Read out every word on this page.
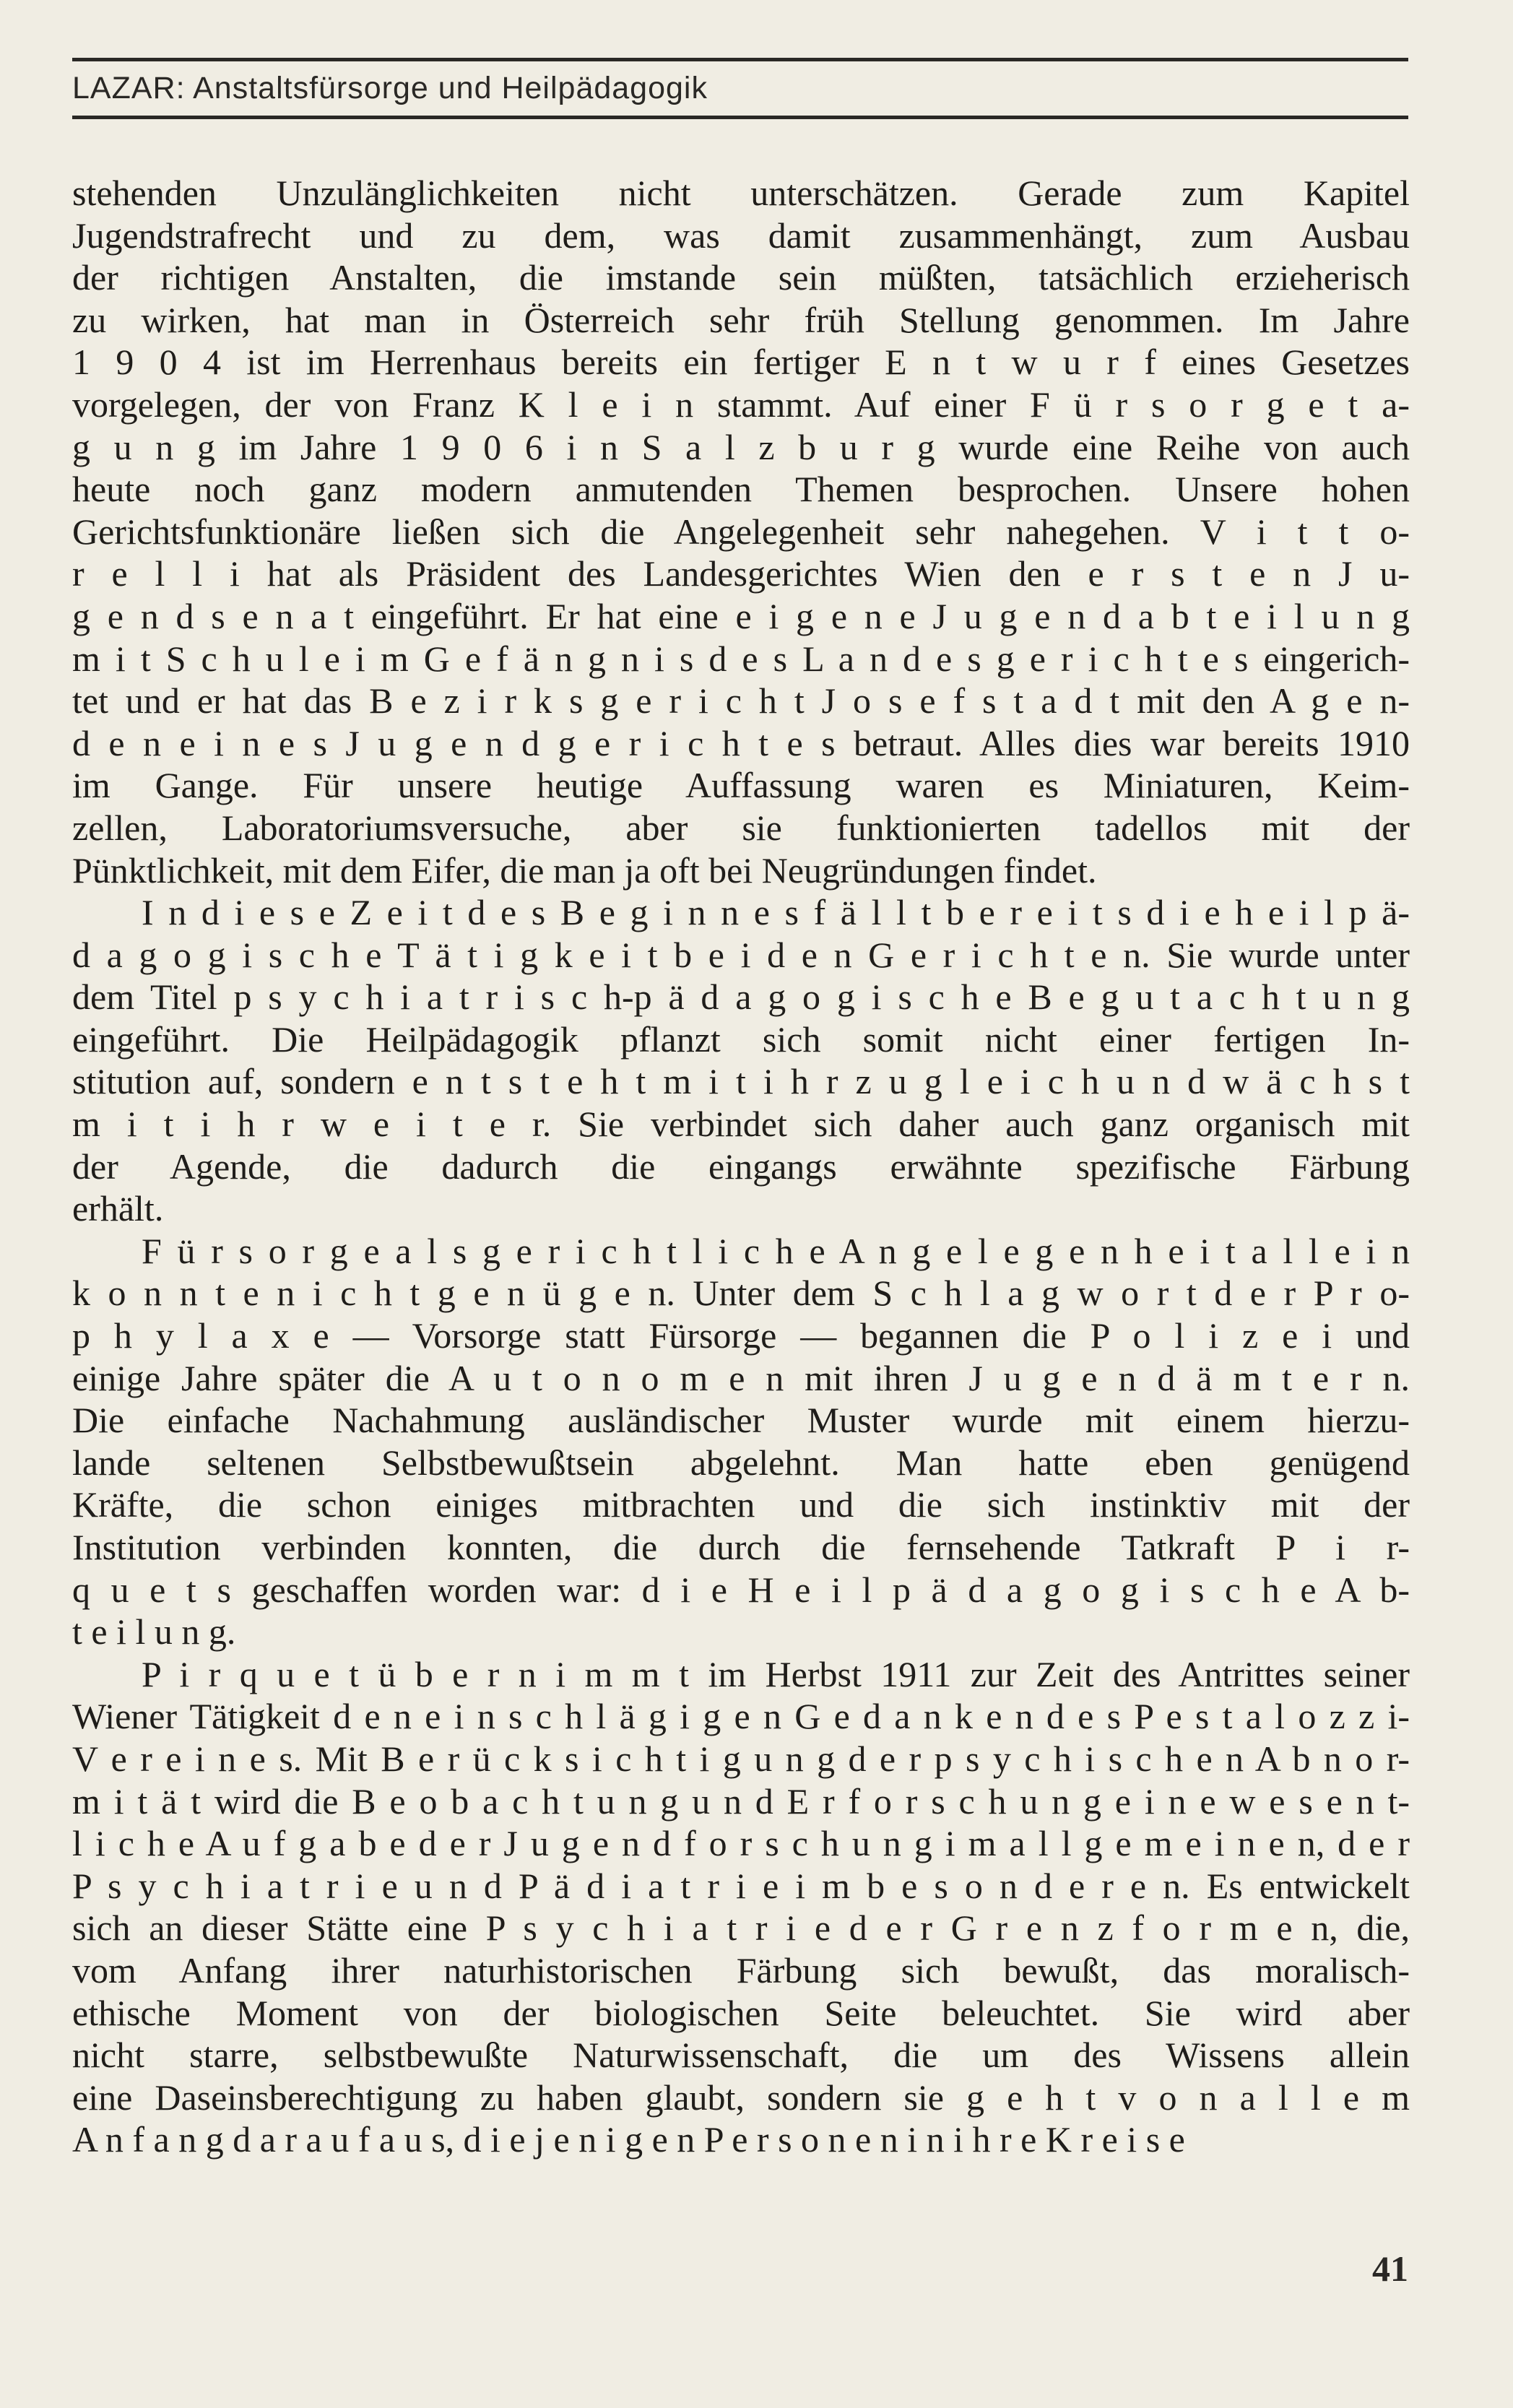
LAZAR: Anstaltsfürsorge und Heilpädagogik
stehenden Unzulänglichkeiten nicht unterschätzen. Gerade zum Kapitel
Jugendstrafrecht und zu dem, was damit zusammenhängt, zum Ausbau
der richtigen Anstalten, die imstande sein müßten, tatsächlich erzieherisch
zu wirken, hat man in Österreich sehr früh Stellung genommen. Im Jahre
1 9 0 4 ist im Herrenhaus bereits ein fertiger E n t w u r f eines Gesetzes
vorgelegen, der von Franz K l e i n stammt. Auf einer F ü r s o r g e t a-
g u n g im Jahre 1 9 0 6 i n S a l z b u r g wurde eine Reihe von auch
heute noch ganz modern anmutenden Themen besprochen. Unsere hohen
Gerichtsfunktionäre ließen sich die Angelegenheit sehr nahegehen. V i t t o-
r e l l i hat als Präsident des Landesgerichtes Wien den e r s t e n J u-
g e n d s e n a t eingeführt. Er hat eine e i g e n e J u g e n d a b t e i l u n g
m i t S c h u l e i m G e f ä n g n i s d e s L a n d e s g e r i c h t e s eingerich-
tet und er hat das B e z i r k s g e r i c h t J o s e f s t a d t mit den A g e n-
d e n e i n e s J u g e n d g e r i c h t e s betraut. Alles dies war bereits 1910
im Gange. Für unsere heutige Auffassung waren es Miniaturen, Keim-
zellen, Laboratoriumsversuche, aber sie funktionierten tadellos mit der
Pünktlichkeit, mit dem Eifer, die man ja oft bei Neugründungen findet.
I n d i e s e Z e i t d e s B e g i n n e s f ä l l t b e r e i t s d i e h e i l p ä-
d a g o g i s c h e T ä t i g k e i t b e i d e n G e r i c h t e n. Sie wurde unter
dem Titel p s y c h i a t r i s c h-p ä d a g o g i s c h e B e g u t a c h t u n g
eingeführt. Die Heilpädagogik pflanzt sich somit nicht einer fertigen In-
stitution auf, sondern e n t s t e h t m i t i h r z u g l e i c h u n d w ä c h s t
m i t i h r w e i t e r. Sie verbindet sich daher auch ganz organisch mit
der Agende, die dadurch die eingangs erwähnte spezifische Färbung
erhält.
F ü r s o r g e a l s g e r i c h t l i c h e A n g e l e g e n h e i t a l l e i n
k o n n t e n i c h t g e n ü g e n. Unter dem S c h l a g w o r t d e r P r o-
p h y l a x e — Vorsorge statt Fürsorge — begannen die P o l i z e i und
einige Jahre später die A u t o n o m e n mit ihren J u g e n d ä m t e r n.
Die einfache Nachahmung ausländischer Muster wurde mit einem hierzu-
lande seltenen Selbstbewußtsein abgelehnt. Man hatte eben genügend
Kräfte, die schon einiges mitbrachten und die sich instinktiv mit der
Institution verbinden konnten, die durch die fernsehende Tatkraft P i r-
q u e t s geschaffen worden war: d i e H e i l p ä d a g o g i s c h e A b-
t e i l u n g.
P i r q u e t ü b e r n i m m t im Herbst 1911 zur Zeit des Antrittes seiner
Wiener Tätigkeit d e n e i n s c h l ä g i g e n G e d a n k e n d e s P e s t a l o z z i-
V e r e i n e s. Mit B e r ü c k s i c h t i g u n g d e r p s y c h i s c h e n A b n o r-
m i t ä t wird die B e o b a c h t u n g u n d E r f o r s c h u n g e i n e w e s e n t-
l i c h e A u f g a b e d e r J u g e n d f o r s c h u n g i m a l l g e m e i n e n, d e r
P s y c h i a t r i e u n d P ä d i a t r i e i m b e s o n d e r e n. Es entwickelt
sich an dieser Stätte eine P s y c h i a t r i e d e r G r e n z f o r m e n, die,
vom Anfang ihrer naturhistorischen Färbung sich bewußt, das moralisch-
ethische Moment von der biologischen Seite beleuchtet. Sie wird aber
nicht starre, selbstbewußte Naturwissenschaft, die um des Wissens allein
eine Daseinsberechtigung zu haben glaubt, sondern sie g e h t v o n a l l e m
A n f a n g d a r a u f a u s, d i e j e n i g e n P e r s o n e n i n i h r e K r e i s e
41
